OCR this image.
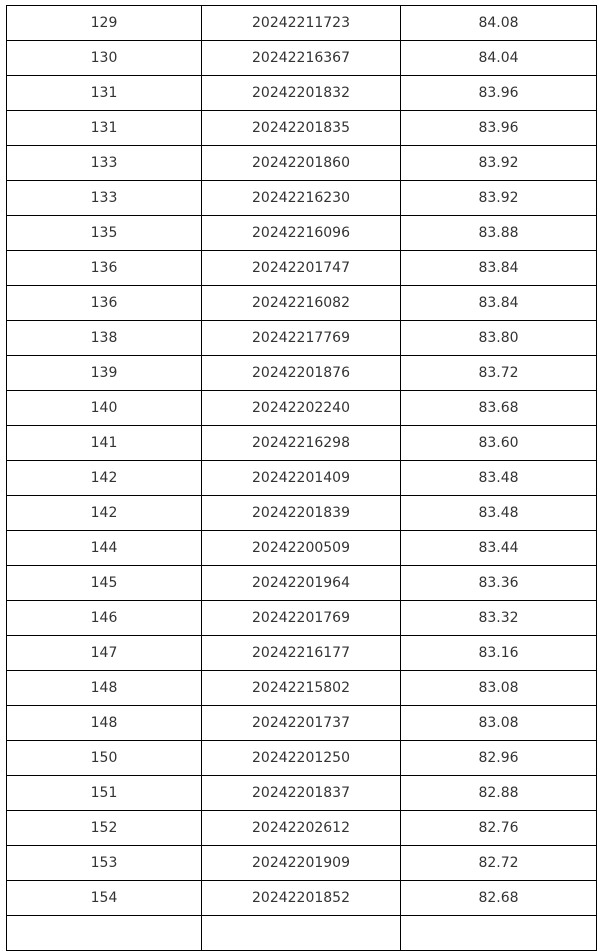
129	20242211723	84.08
130	20242216367	84.04
131	20242201832	83.96
131	20242201835	83.96
133	20242201860	83.92
133	20242216230	83.92
135	20242216096	83.88
136	20242201747	83.84
136	20242216082	83.84
138	20242217769	83.80
139	20242201876	83.72
140	20242202240	83.68
141	20242216298	83.60
142	20242201409	83.48
142	20242201839	83.48
144	20242200509	83.44
145	20242201964	83.36
146	20242201769	83.32
147	20242216177	83.16
148	20242215802	83.08
148	20242201737	83.08
150	20242201250	82.96
151	20242201837	82.88
152	20242202612	82.76
153	20242201909	82.72
154	20242201852	82.68
